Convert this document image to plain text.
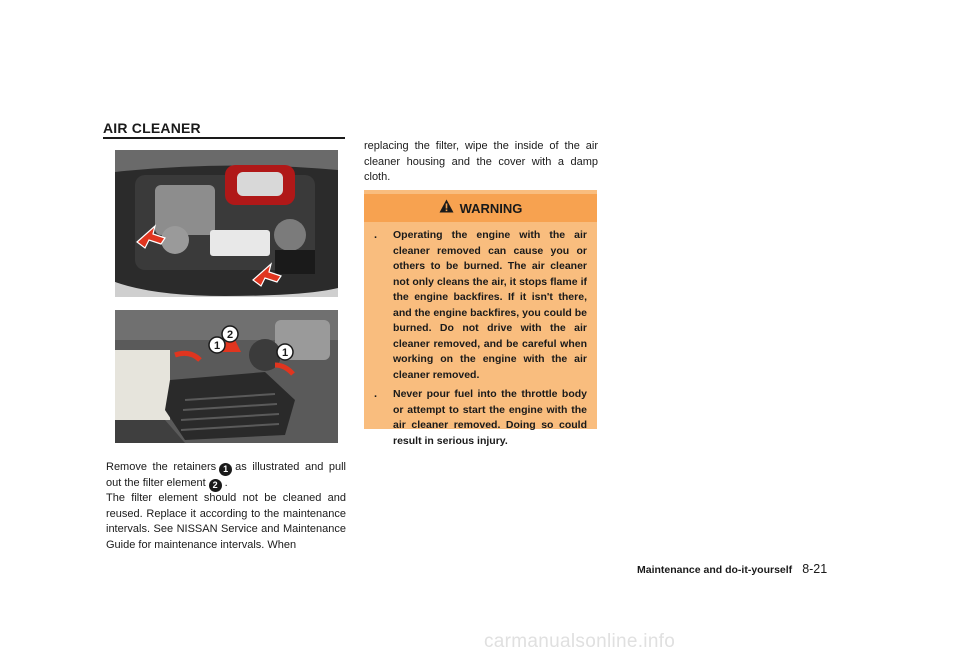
AIR CLEANER
1
2
1
Remove the retainers 1 as illustrated and pull out the filter element 2 .
The filter element should not be cleaned and reused. Replace it according to the maintenance intervals. See NISSAN Service and Maintenance Guide for maintenance intervals. When
replacing the filter, wipe the inside of the air cleaner housing and the cover with a damp cloth.
WARNING
. Operating the engine with the air cleaner removed can cause you or others to be burned. The air cleaner not only cleans the air, it stops flame if the engine backfires. If it isn't there, and the engine backfires, you could be burned. Do not drive with the air cleaner removed, and be careful when working on the engine with the air cleaner removed.
. Never pour fuel into the throttle body or attempt to start the engine with the air cleaner removed. Doing so could result in serious injury.
Maintenance and do-it-yourself 8-21
carmanualsonline.info
